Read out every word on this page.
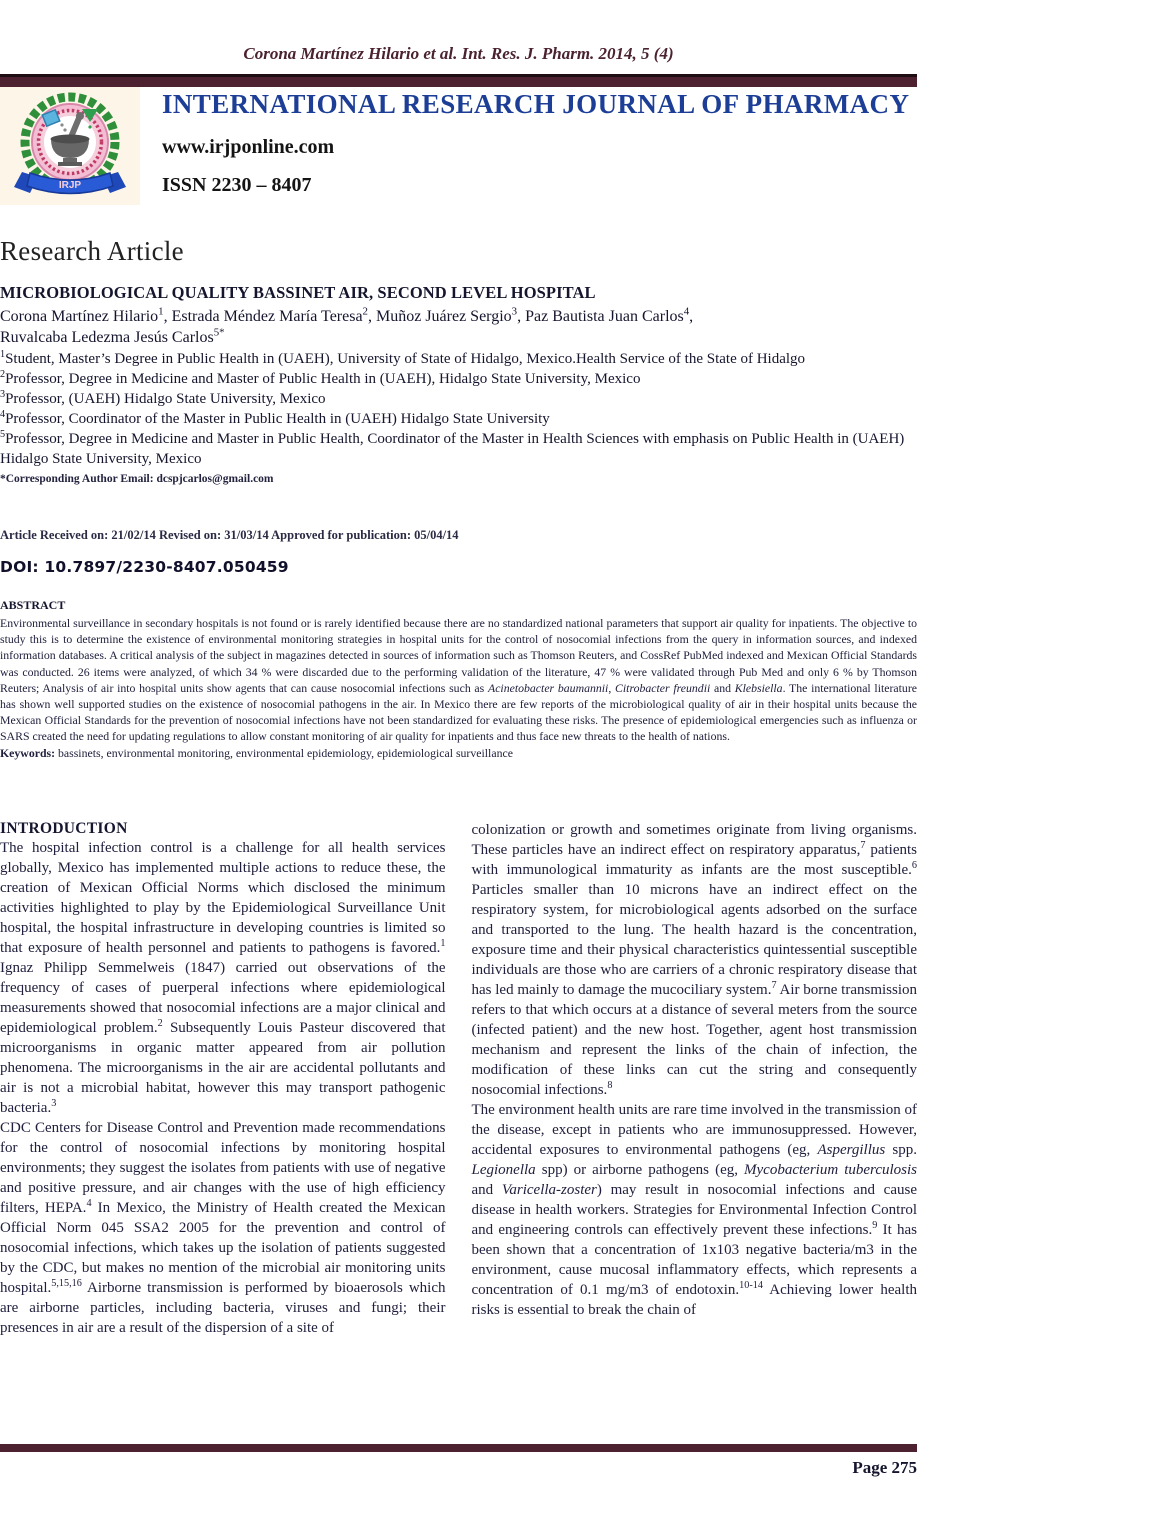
Corona Martínez Hilario et al. Int. Res. J. Pharm. 2014, 5 (4)
IRJP
INTERNATIONAL RESEARCH JOURNAL OF PHARMACY
www.irjponline.com
ISSN 2230 – 8407
Research Article
MICROBIOLOGICAL QUALITY BASSINET AIR, SECOND LEVEL HOSPITAL
Corona Martínez Hilario$^1$, Estrada Méndez María Teresa$^2$, Muñoz Juárez Sergio$^3$, Paz Bautista Juan Carlos$^4$,
Ruvalcaba Ledezma Jesús Carlos$^{5*}$
$^1$Student, Master’s Degree in Public Health in (UAEH), University of State of Hidalgo, Mexico.Health Service of the State of Hidalgo
$^2$Professor, Degree in Medicine and Master of Public Health in (UAEH), Hidalgo State University, Mexico
$^3$Professor, (UAEH) Hidalgo State University, Mexico
$^4$Professor, Coordinator of the Master in Public Health in (UAEH) Hidalgo State University
$^5$Professor, Degree in Medicine and Master in Public Health, Coordinator of the Master in Health Sciences with emphasis on Public Health in (UAEH) Hidalgo State University, Mexico
*Corresponding Author Email: dcspjcarlos@gmail.com
Article Received on: 21/02/14 Revised on: 31/03/14 Approved for publication: 05/04/14
DOI: 10.7897/2230-8407.050459
ABSTRACT
Environmental surveillance in secondary hospitals is not found or is rarely identified because there are no standardized national parameters that support air quality for inpatients. The objective to study this is to determine the existence of environmental monitoring strategies in hospital units for the control of nosocomial infections from the query in information sources, and indexed information databases. A critical analysis of the subject in magazines detected in sources of information such as Thomson Reuters, and CossRef PubMed indexed and Mexican Official Standards was conducted. 26 items were analyzed, of which 34 % were discarded due to the performing validation of the literature, 47 % were validated through Pub Med and only 6 % by Thomson Reuters; Analysis of air into hospital units show agents that can cause nosocomial infections such as Acinetobacter baumannii, Citrobacter freundii and Klebsiella. The international literature has shown well supported studies on the existence of nosocomial pathogens in the air. In Mexico there are few reports of the microbiological quality of air in their hospital units because the Mexican Official Standards for the prevention of nosocomial infections have not been standardized for evaluating these risks. The presence of epidemiological emergencies such as influenza or SARS created the need for updating regulations to allow constant monitoring of air quality for inpatients and thus face new threats to the health of nations.
Keywords: bassinets, environmental monitoring, environmental epidemiology, epidemiological surveillance
INTRODUCTION

The hospital infection control is a challenge for all health services globally, Mexico has implemented multiple actions to reduce these, the creation of Mexican Official Norms which disclosed the minimum activities highlighted to play by the Epidemiological Surveillance Unit hospital, the hospital infrastructure in developing countries is limited so that exposure of health personnel and patients to pathogens is favored.$^1$ Ignaz Philipp Semmelweis (1847) carried out observations of the frequency of cases of puerperal infections where epidemiological measurements showed that nosocomial infections are a major clinical and epidemiological problem.$^2$ Subsequently Louis Pasteur discovered that microorganisms in organic matter appeared from air pollution phenomena. The microorganisms in the air are accidental pollutants and air is not a microbial habitat, however this may transport pathogenic bacteria.$^3$

CDC Centers for Disease Control and Prevention made recommendations for the control of nosocomial infections by monitoring hospital environments; they suggest the isolates from patients with use of negative and positive pressure, and air changes with the use of high efficiency filters, HEPA.$^4$ In Mexico, the Ministry of Health created the Mexican Official Norm 045 SSA2 2005 for the prevention and control of nosocomial infections, which takes up the isolation of patients suggested by the CDC, but makes no mention of the microbial air monitoring units hospital.$^{5,15,16}$ Airborne transmission is performed by bioaerosols which are airborne particles, including bacteria, viruses and fungi; their presences in air are a result of the dispersion of a site of

colonization or growth and sometimes originate from living organisms. These particles have an indirect effect on respiratory apparatus,$^7$ patients with immunological immaturity as infants are the most susceptible.$^6$ Particles smaller than 10 microns have an indirect effect on the respiratory system, for microbiological agents adsorbed on the surface and transported to the lung. The health hazard is the concentration, exposure time and their physical characteristics quintessential susceptible individuals are those who are carriers of a chronic respiratory disease that has led mainly to damage the mucociliary system.$^7$ Air borne transmission refers to that which occurs at a distance of several meters from the source (infected patient) and the new host. Together, agent host transmission mechanism and represent the links of the chain of infection, the modification of these links can cut the string and consequently nosocomial infections.$^8$

The environment health units are rare time involved in the transmission of the disease, except in patients who are immunosuppressed. However, accidental exposures to environmental pathogens (eg, Aspergillus spp. Legionella spp) or airborne pathogens (eg, Mycobacterium tuberculosis and Varicella-zoster) may result in nosocomial infections and cause disease in health workers. Strategies for Environmental Infection Control and engineering controls can effectively prevent these infections.$^9$ It has been shown that a concentration of 1x103 negative bacteria/m3 in the environment, cause mucosal inflammatory effects, which represents a concentration of 0.1 mg/m3 of endotoxin.$^{10-14}$ Achieving lower health risks is essential to break the chain of

Page 275
